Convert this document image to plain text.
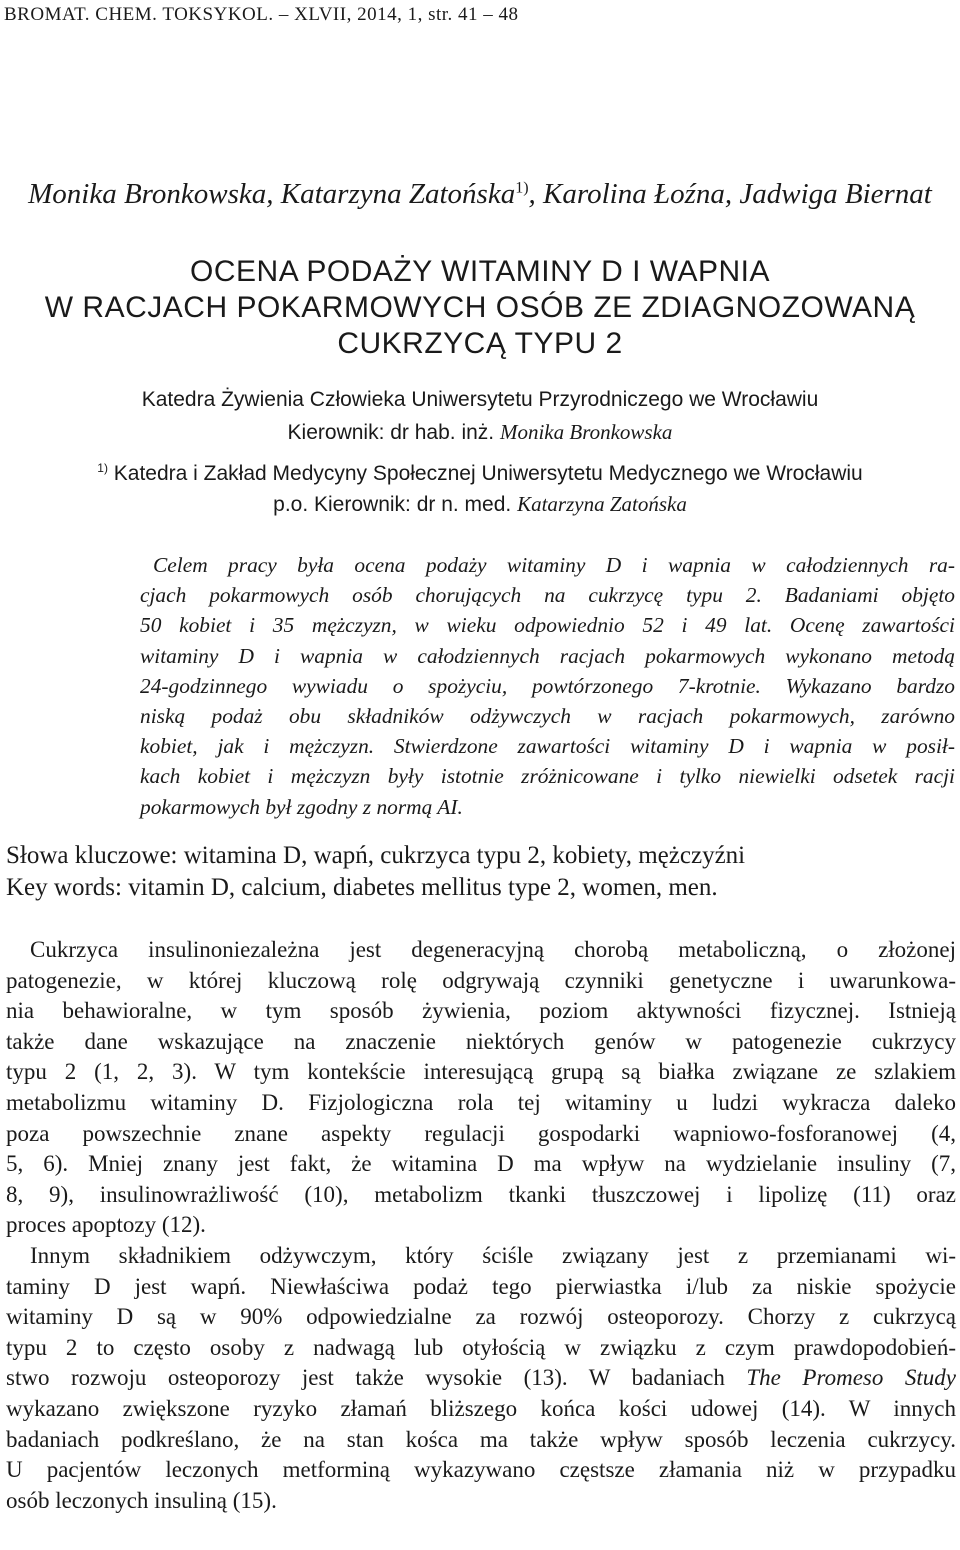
BROMAT. CHEM. TOKSYKOL. – XLVII, 2014, 1, str. 41 – 48
Monika Bronkowska, Katarzyna Zatońska$^{1)}$, Karolina Łoźna, Jadwiga Biernat
OCENA PODAŻY WITAMINY D I WAPNIA
W RACJACH POKARMOWYCH OSÓB ZE ZDIAGNOZOWANĄ
CUKRZYCĄ TYPU 2
Katedra Żywienia Człowieka Uniwersytetu Przyrodniczego we Wrocławiu
Kierownik: dr hab. inż. Monika Bronkowska
$^{1)}$ Katedra i Zakład Medycyny Społecznej Uniwersytetu Medycznego we Wrocławiu
p.o. Kierownik: dr n. med. Katarzyna Zatońska
Celem pracy była ocena podaży witaminy D i wapnia w całodziennych ra-
cjach pokarmowych osób chorujących na cukrzycę typu 2. Badaniami objęto
50 kobiet i 35 mężczyzn, w wieku odpowiednio 52 i 49 lat. Ocenę zawartości
witaminy D i wapnia w całodziennych racjach pokarmowych wykonano metodą
24-godzinnego wywiadu o spożyciu, powtórzonego 7-krotnie. Wykazano bardzo
niską podaż obu składników odżywczych w racjach pokarmowych, zarówno
kobiet, jak i mężczyzn. Stwierdzone zawartości witaminy D i wapnia w posił-
kach kobiet i mężczyzn były istotnie zróżnicowane i tylko niewielki odsetek racji
pokarmowych był zgodny z normą AI.
Słowa kluczowe: witamina D, wapń, cukrzyca typu 2, kobiety, mężczyźni
Key words: vitamin D, calcium, diabetes mellitus type 2, women, men.
Cukrzyca insulinoniezależna jest degeneracyjną chorobą metaboliczną, o złożonej
patogenezie, w której kluczową rolę odgrywają czynniki genetyczne i uwarunkowa-
nia behawioralne, w tym sposób żywienia, poziom aktywności fizycznej. Istnieją
także dane wskazujące na znaczenie niektórych genów w patogenezie cukrzycy
typu 2 (1, 2, 3). W tym kontekście interesującą grupą są białka związane ze szlakiem
metabolizmu witaminy D. Fizjologiczna rola tej witaminy u ludzi wykracza daleko
poza powszechnie znane aspekty regulacji gospodarki wapniowo-fosforanowej (4,
5, 6). Mniej znany jest fakt, że witamina D ma wpływ na wydzielanie insuliny (7,
8, 9), insulinowrażliwość (10), metabolizm tkanki tłuszczowej i lipolizę (11) oraz
proces apoptozy (12).
Innym składnikiem odżywczym, który ściśle związany jest z przemianami wi-
taminy D jest wapń. Niewłaściwa podaż tego pierwiastka i/lub za niskie spożycie
witaminy D są w 90% odpowiedzialne za rozwój osteoporozy. Chorzy z cukrzycą
typu 2 to często osoby z nadwagą lub otyłością w związku z czym prawdopodobień-
stwo rozwoju osteoporozy jest także wysokie (13). W badaniach The Promeso Study
wykazano zwiększone ryzyko złamań bliższego końca kości udowej (14). W innych
badaniach podkreślano, że na stan kośca ma także wpływ sposób leczenia cukrzycy.
U pacjentów leczonych metforminą wykazywano częstsze złamania niż w przypadku
osób leczonych insuliną (15).
